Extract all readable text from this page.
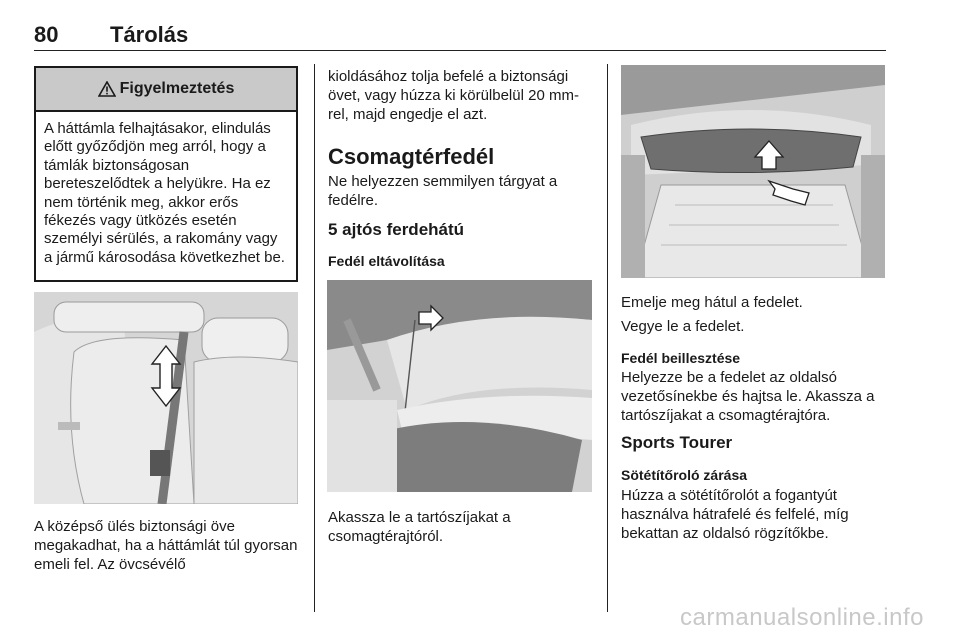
80 Tárolás
Figyelmeztetés
A háttámla felhajtásakor, elindulás előtt győződjön meg arról, hogy a támlák biztonságosan bereteszelődtek a helyükre. Ha ez nem történik meg, akkor erős fékezés vagy ütközés esetén személyi sérülés, a rakomány vagy a jármű károsodása következhet be.
A középső ülés biztonsági öve megakadhat, ha a háttámlát túl gyorsan emeli fel. Az övcsévélő
kioldásához tolja befelé a biztonsági övet, vagy húzza ki körülbelül 20 mm-rel, majd engedje el azt.
Csomagtérfedél
Ne helyezzen semmilyen tárgyat a fedélre.
5 ajtós ferdehátú
Fedél eltávolítása
Akassza le a tartószíjakat a csomagtérajtóról.
Emelje meg hátul a fedelet.
Vegye le a fedelet.
Fedél beillesztése
Helyezze be a fedelet az oldalsó vezetősínekbe és hajtsa le. Akassza a tartószíjakat a csomagtérajtóra.
Sports Tourer
Sötétítőroló zárása
Húzza a sötétítőrolót a fogantyút használva hátrafelé és felfelé, míg bekattan az oldalsó rögzítőkbe.
carmanualsonline.info
